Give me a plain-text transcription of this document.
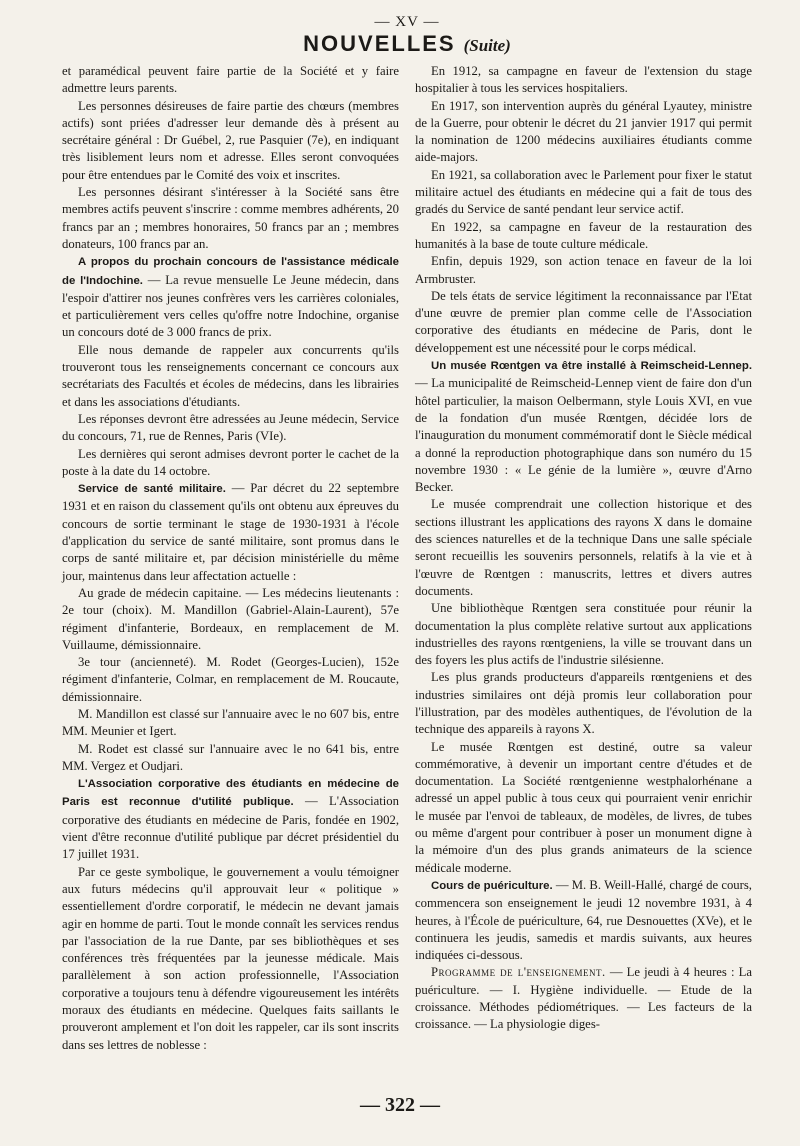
— XV —
NOUVELLES (Suite)

et paramédical peuvent faire partie de la Société et y faire admettre leurs parents.

Les personnes désireuses de faire partie des chœurs (membres actifs) sont priées d'adresser leur demande dès à présent au secrétaire général : Dr Guébel, 2, rue Pasquier (7e), en indiquant très lisiblement leurs nom et adresse. Elles seront convoquées pour être entendues par le Comité des voix et inscrites.

Les personnes désirant s'intéresser à la Société sans être membres actifs peuvent s'inscrire : comme membres adhérents, 20 francs par an ; membres honoraires, 50 francs par an ; membres donateurs, 100 francs par an.

A propos du prochain concours de l'assistance médicale de l'Indochine. — La revue mensuelle Le Jeune médecin, dans l'espoir d'attirer nos jeunes confrères vers les carrières coloniales, et particulièrement vers celles qu'offre notre Indochine, organise un concours doté de 3 000 francs de prix.

Elle nous demande de rappeler aux concurrents qu'ils trouveront tous les renseignements concernant ce concours aux secrétariats des Facultés et écoles de médecins, dans les librairies et dans les associations d'étudiants.

Les réponses devront être adressées au Jeune médecin, Service du concours, 71, rue de Rennes, Paris (VIe).

Les dernières qui seront admises devront porter le cachet de la poste à la date du 14 octobre.

Service de santé militaire. — Par décret du 22 septembre 1931 et en raison du classement qu'ils ont obtenu aux épreuves du concours de sortie terminant le stage de 1930-1931 à l'école d'application du service de santé militaire, sont promus dans le corps de santé militaire et, par décision ministérielle du même jour, maintenus dans leur affectation actuelle :

Au grade de médecin capitaine. — Les médecins lieutenants : 2e tour (choix). M. Mandillon (Gabriel-Alain-Laurent), 57e régiment d'infanterie, Bordeaux, en remplacement de M. Vuillaume, démissionnaire.

3e tour (ancienneté). M. Rodet (Georges-Lucien), 152e régiment d'infanterie, Colmar, en remplacement de M. Roucaute, démissionnaire.

M. Mandillon est classé sur l'annuaire avec le no 607 bis, entre MM. Meunier et Igert.

M. Rodet est classé sur l'annuaire avec le no 641 bis, entre MM. Vergez et Oudjari.

L'Association corporative des étudiants en médecine de Paris est reconnue d'utilité publique. — L'Association corporative des étudiants en médecine de Paris, fondée en 1902, vient d'être reconnue d'utilité publique par décret présidentiel du 17 juillet 1931.

Par ce geste symbolique, le gouvernement a voulu témoigner aux futurs médecins qu'il approuvait leur « politique » essentiellement d'ordre corporatif, le médecin ne devant jamais agir en homme de parti. Tout le monde connaît les services rendus par l'association de la rue Dante, par ses bibliothèques et ses conférences très fréquentées par la jeunesse médicale. Mais parallèlement à son action professionnelle, l'Association corporative a toujours tenu à défendre vigoureusement les intérêts moraux des étudiants en médecine. Quelques faits saillants le prouveront amplement et l'on doit les rappeler, car ils sont inscrits dans ses lettres de noblesse :

En 1912, sa campagne en faveur de l'extension du stage hospitalier à tous les services hospitaliers.

En 1917, son intervention auprès du général Lyautey, ministre de la Guerre, pour obtenir le décret du 21 janvier 1917 qui permit la nomination de 1200 médecins auxiliaires étudiants comme aide-majors.

En 1921, sa collaboration avec le Parlement pour fixer le statut militaire actuel des étudiants en médecine qui a fait de tous des gradés du Service de santé pendant leur service actif.

En 1922, sa campagne en faveur de la restauration des humanités à la base de toute culture médicale.

Enfin, depuis 1929, son action tenace en faveur de la loi Armbruster.

De tels états de service légitiment la reconnaissance par l'Etat d'une œuvre de premier plan comme celle de l'Association corporative des étudiants en médecine de Paris, dont le développement est une nécessité pour le corps médical.

Un musée Rœntgen va être installé à Reimscheid-Lennep. — La municipalité de Reimscheid-Lennep vient de faire don d'un hôtel particulier, la maison Oelbermann, style Louis XVI, en vue de la fondation d'un musée Rœntgen, décidée lors de l'inauguration du monument commémoratif dont le Siècle médical a donné la reproduction photographique dans son numéro du 15 novembre 1930 : « Le génie de la lumière », œuvre d'Arno Becker.

Le musée comprendrait une collection historique et des sections illustrant les applications des rayons X dans le domaine des sciences naturelles et de la technique Dans une salle spéciale seront recueillis les souvenirs personnels, relatifs à la vie et à l'œuvre de Rœntgen : manuscrits, lettres et divers autres documents.

Une bibliothèque Rœntgen sera constituée pour réunir la documentation la plus complète relative surtout aux applications industrielles des rayons rœntgeniens, la ville se trouvant dans un des foyers les plus actifs de l'industrie silésienne.

Les plus grands producteurs d'appareils rœntgeniens et des industries similaires ont déjà promis leur collaboration pour l'illustration, par des modèles authentiques, de l'évolution de la technique des appareils à rayons X.

Le musée Rœntgen est destiné, outre sa valeur commémorative, à devenir un important centre d'études et de documentation. La Société rœntgenienne westphalorhénane a adressé un appel public à tous ceux qui pourraient venir enrichir le musée par l'envoi de tableaux, de modèles, de livres, de tubes ou même d'argent pour contribuer à poser un monument digne à la mémoire d'un des plus grands animateurs de la science médicale moderne.

Cours de puériculture. — M. B. Weill-Hallé, chargé de cours, commencera son enseignement le jeudi 12 novembre 1931, à 4 heures, à l'École de puériculture, 64, rue Desnouettes (XVe), et le continuera les jeudis, samedis et mardis suivants, aux heures indiquées ci-dessous.

Programme de l'enseignement. — Le jeudi à 4 heures : La puériculture. — I. Hygiène individuelle. — Etude de la croissance. Méthodes pédiométriques. — Les facteurs de la croissance. — La physiologie diges-

— 322 —
